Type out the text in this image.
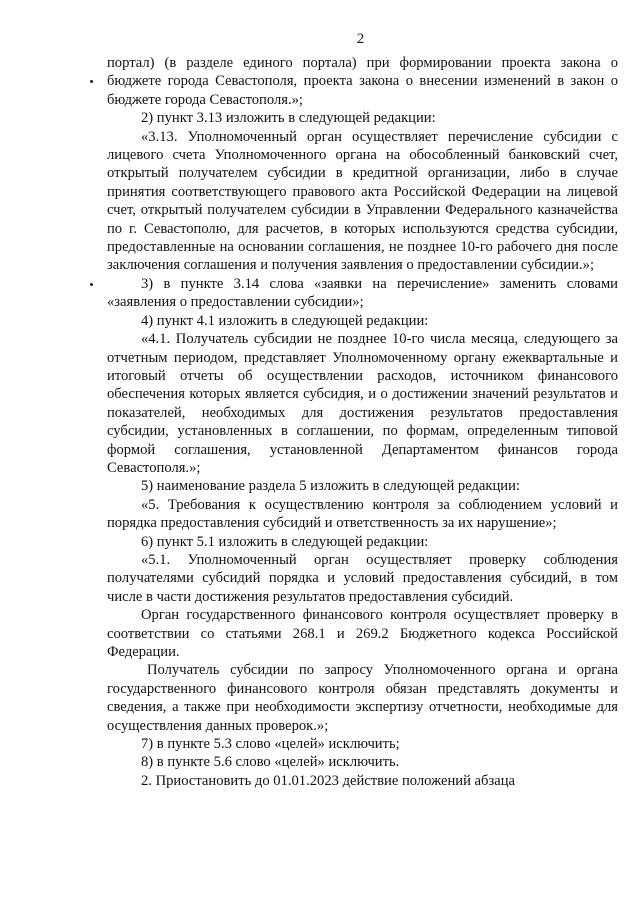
2

портал) (в разделе единого портала) при формировании проекта закона о бюджете города Севастополя, проекта закона о внесении изменений в закон о бюджете города Севастополя.»;

2) пункт 3.13 изложить в следующей редакции:

«3.13. Уполномоченный орган осуществляет перечисление субсидии с лицевого счета Уполномоченного органа на обособленный банковский счет, открытый получателем субсидии в кредитной организации, либо в случае принятия соответствующего правового акта Российской Федерации на лицевой счет, открытый получателем субсидии в Управлении Федерального казначейства по г. Севастополю, для расчетов, в которых используются средства субсидии, предоставленные на основании соглашения, не позднее 10-го рабочего дня после заключения соглашения и получения заявления о предоставлении субсидии.»;

3) в пункте 3.14 слова «заявки на перечисление» заменить словами «заявления о предоставлении субсидии»;

4) пункт 4.1 изложить в следующей редакции:

«4.1. Получатель субсидии не позднее 10-го числа месяца, следующего за отчетным периодом, представляет Уполномоченному органу ежеквартальные и итоговый отчеты об осуществлении расходов, источником финансового обеспечения которых является субсидия, и о достижении значений результатов и показателей, необходимых для достижения результатов предоставления субсидии, установленных в соглашении, по формам, определенным типовой формой соглашения, установленной Департаментом финансов города Севастополя.»;

5) наименование раздела 5 изложить в следующей редакции:

«5. Требования к осуществлению контроля за соблюдением условий и порядка предоставления субсидий и ответственность за их нарушение»;

6) пункт 5.1 изложить в следующей редакции:

«5.1. Уполномоченный орган осуществляет проверку соблюдения получателями субсидий порядка и условий предоставления субсидий, в том числе в части достижения результатов предоставления субсидий.

Орган государственного финансового контроля осуществляет проверку в соответствии со статьями 268.1 и 269.2 Бюджетного кодекса Российской Федерации.

Получатель субсидии по запросу Уполномоченного органа и органа государственного финансового контроля обязан представлять документы и сведения, а также при необходимости экспертизу отчетности, необходимые для осуществления данных проверок.»;

7) в пункте 5.3 слово «целей» исключить;

8) в пункте 5.6 слово «целей» исключить.

2. Приостановить до 01.01.2023 действие положений абзаца
